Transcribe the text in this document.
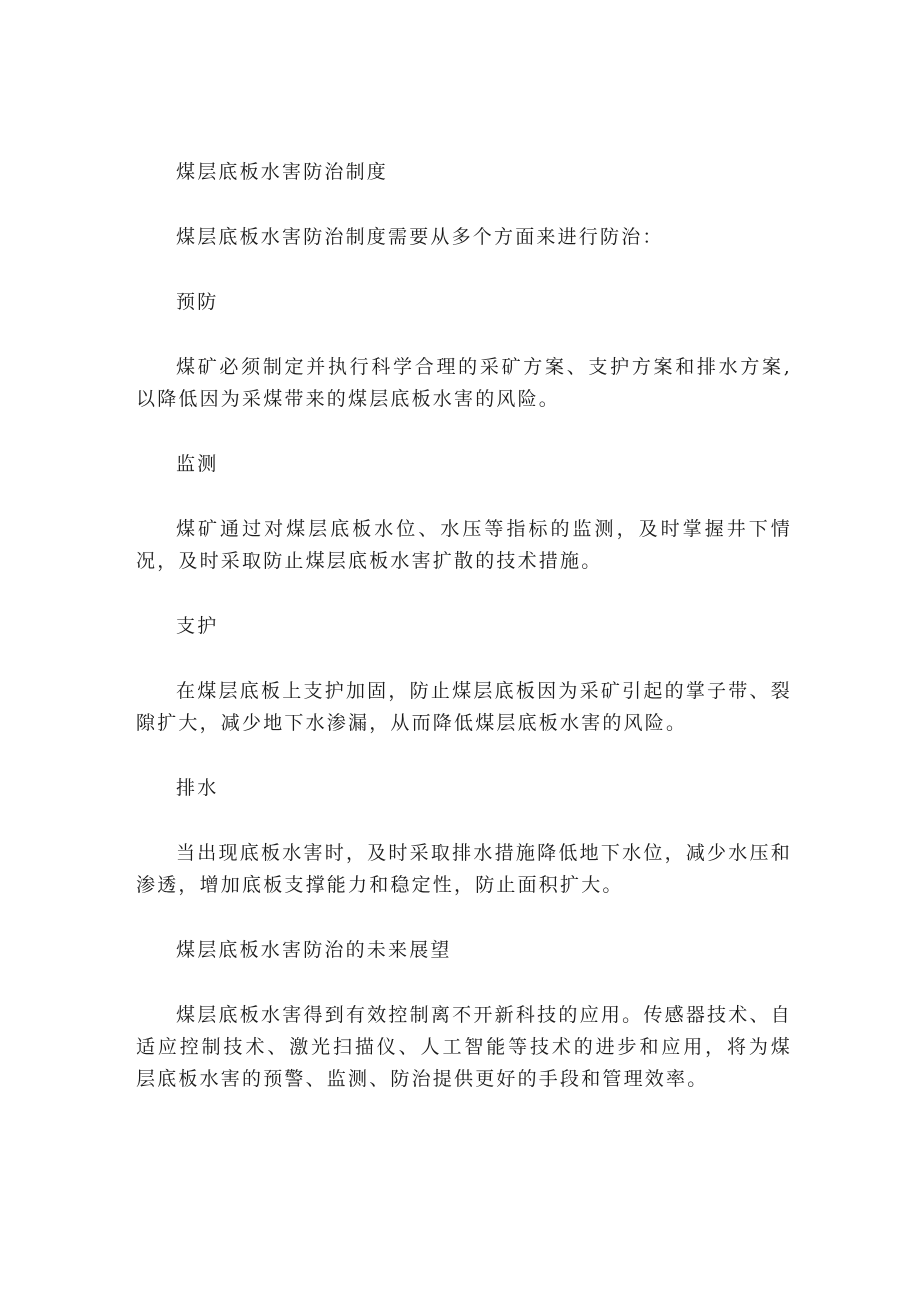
煤层底板水害防治制度

煤层底板水害防治制度需要从多个方面来进行防治：

预防

煤矿必须制定并执行科学合理的采矿方案、支护方案和排水方案,以降低因为采煤带来的煤层底板水害的风险。

监测

煤矿通过对煤层底板水位、水压等指标的监测，及时掌握井下情况，及时采取防止煤层底板水害扩散的技术措施。

支护

在煤层底板上支护加固，防止煤层底板因为采矿引起的掌子带、裂隙扩大，减少地下水渗漏，从而降低煤层底板水害的风险。

排水

当出现底板水害时，及时采取排水措施降低地下水位，减少水压和渗透，增加底板支撑能力和稳定性，防止面积扩大。

煤层底板水害防治的未来展望

煤层底板水害得到有效控制离不开新科技的应用。传感器技术、自适应控制技术、激光扫描仪、人工智能等技术的进步和应用，将为煤层底板水害的预警、监测、防治提供更好的手段和管理效率。
